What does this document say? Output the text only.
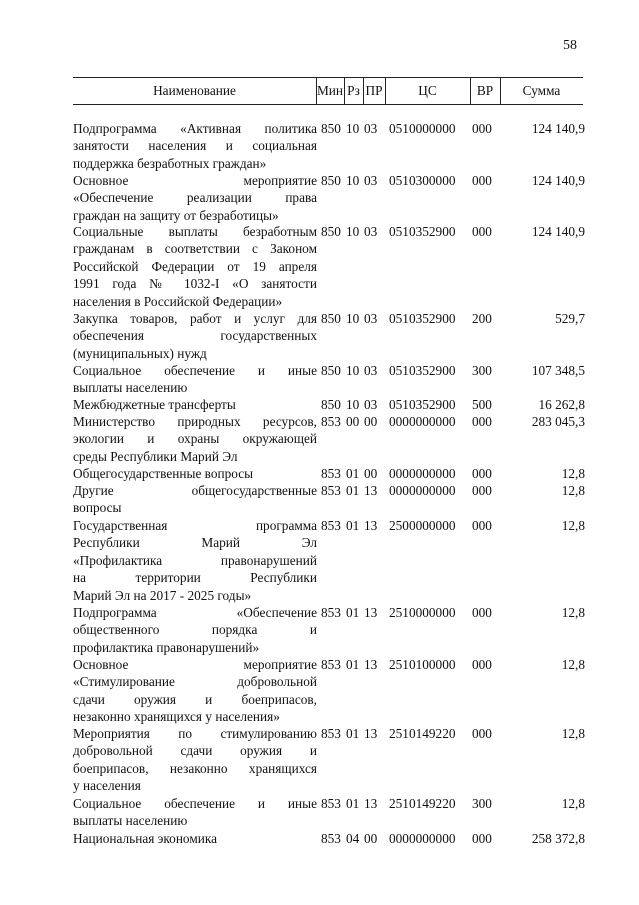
58
Наименование	Мин Рз ПР	ЦС	ВР	Сумма
Подпрограмма «Активная политика
занятости населения и социальная
поддержка безработных граждан»
850 10 03 0510000000 000	124 140,9
Основное мероприятие
«Обеспечение реализации права
граждан на защиту от безработицы»
850 10 03 0510300000 000	124 140,9
Социальные выплаты безработным
гражданам в соответствии с Законом
Российской Федерации от 19 апреля
1991 года № 1032-I «О занятости
населения в Российской Федерации»
850 10 03 0510352900 000	124 140,9
Закупка товаров, работ и услуг для
обеспечения государственных
(муниципальных) нужд
850 10 03 0510352900 200	529,7
Социальное обеспечение и иные
выплаты населению
850 10 03 0510352900 300	107 348,5
Межбюджетные трансферты	850 10 03 0510352900 500	16 262,8
Министерство природных ресурсов,
экологии и охраны окружающей
среды Республики Марий Эл
853 00 00 0000000000 000	283 045,3
Общегосударственные вопросы	853 01 00 0000000000 000	12,8
Другие общегосударственные
вопросы
853 01 13 0000000000 000	12,8
Государственная программа
Республики Марий Эл
«Профилактика правонарушений
на территории Республики
Марий Эл на 2017 - 2025 годы»
853 01 13 2500000000 000	12,8
Подпрограмма «Обеспечение
общественного порядка и
профилактика правонарушений»
853 01 13 2510000000 000	12,8
Основное мероприятие
«Стимулирование добровольной
сдачи оружия и боеприпасов,
незаконно хранящихся у населения»
853 01 13 2510100000 000	12,8
Мероприятия по стимулированию
добровольной сдачи оружия и
боеприпасов, незаконно хранящихся
у населения
853 01 13 2510149220 000	12,8
Социальное обеспечение и иные
выплаты населению
853 01 13 2510149220 300	12,8
Национальная экономика	853 04 00 0000000000 000	258 372,8
